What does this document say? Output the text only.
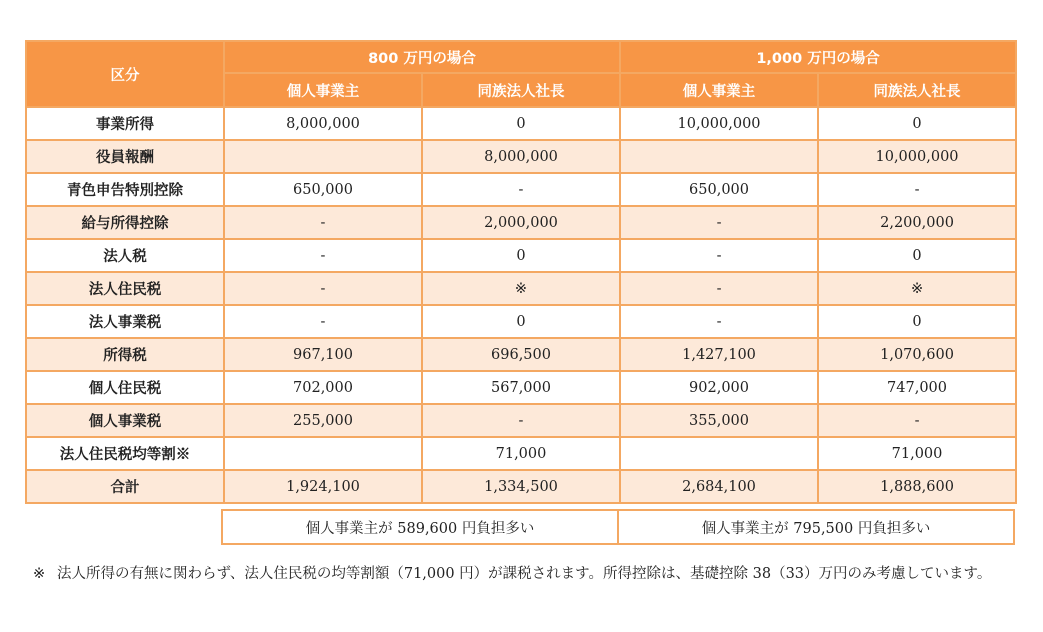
区分	800 万円の場合		1,000 万円の場合	
	個人事業主	同族法人社長	個人事業主	同族法人社長
事業所得	8,000,000	0	10,000,000	0
役員報酬		8,000,000		10,000,000
青色申告特別控除	650,000	-	650,000	-
給与所得控除	-	2,000,000	-	2,200,000
法人税	-	0	-	0
法人住民税	-	※	-	※
法人事業税	-	0	-	0
所得税	967,100	696,500	1,427,100	1,070,600
個人住民税	702,000	567,000	902,000	747,000
個人事業税	255,000	-	355,000	-
法人住民税均等割※		71,000		71,000
合計	1,924,100	1,334,500	2,684,100	1,888,600
個人事業主が 589,600 円負担多い	個人事業主が 795,500 円負担多い
※ 法人所得の有無に関わらず、法人住民税の均等割額（71,000 円）が課税されます。所得控除は、基礎控除 38（33）万円のみ考慮しています。
